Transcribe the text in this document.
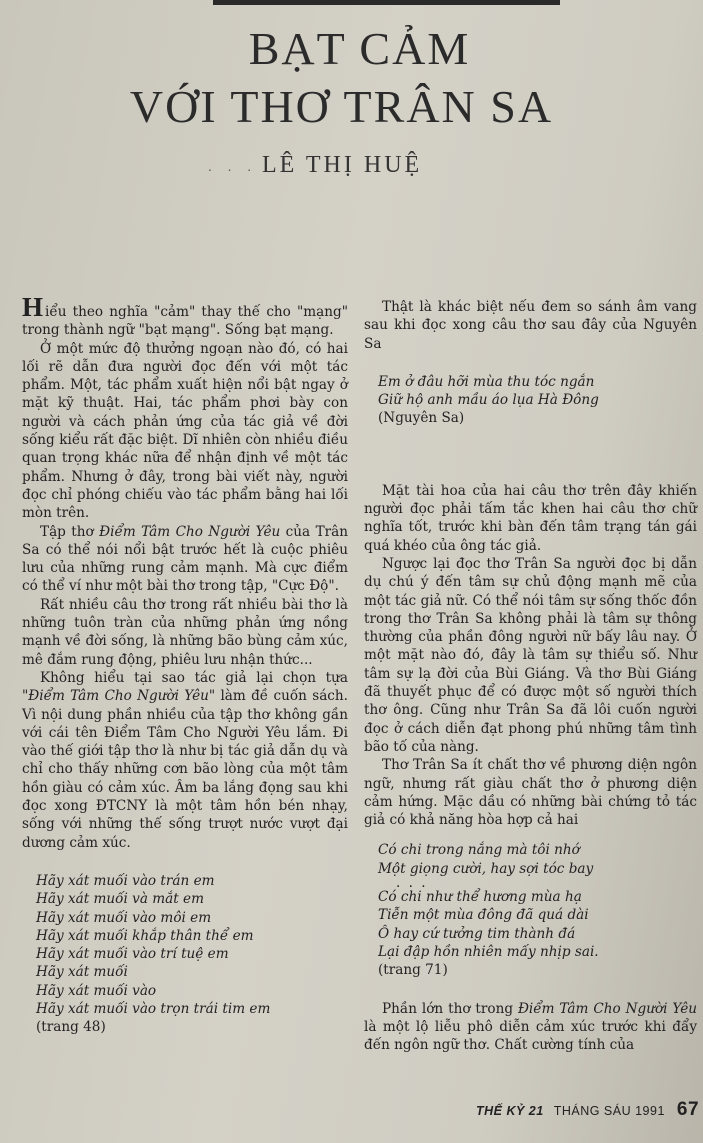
BẠT CẢM
VỚI THƠ TRÂN SA
. . . LÊ THỊ HUỆ

Hiểu theo nghĩa "cảm" thay thế cho "mạng" trong thành ngữ "bạt mạng". Sống bạt mạng.

Ở một mức độ thưởng ngoạn nào đó, có hai lối rẽ dẫn đưa người đọc đến với một tác phẩm. Một, tác phẩm xuất hiện nổi bật ngay ở mặt kỹ thuật. Hai, tác phẩm phơi bày con người và cách phản ứng của tác giả về đời sống kiểu rất đặc biệt. Dĩ nhiên còn nhiều điều quan trọng khác nữa để nhận định về một tác phẩm. Nhưng ở đây, trong bài viết này, người đọc chỉ phóng chiếu vào tác phẩm bằng hai lối mòn trên.

Tập thơ Điểm Tâm Cho Người Yêu của Trân Sa có thể nói nổi bật trước hết là cuộc phiêu lưu của những rung cảm mạnh. Mà cực điểm có thể ví như một bài thơ trong tập, "Cực Độ".

Rất nhiều câu thơ trong rất nhiều bài thơ là những tuôn tràn của những phản ứng nồng mạnh về đời sống, là những bão bùng cảm xúc, mê đắm rung động, phiêu lưu nhận thức...

Không hiểu tại sao tác giả lại chọn tựa "Điểm Tâm Cho Người Yêu" làm đề cuốn sách. Vì nội dung phần nhiều của tập thơ không gần với cái tên Điểm Tâm Cho Người Yêu lắm. Đi vào thế giới tập thơ là như bị tác giả dẫn dụ và chỉ cho thấy những cơn bão lòng của một tâm hồn giàu có cảm xúc. Âm ba lắng đọng sau khi đọc xong ĐTCNY là một tâm hồn bén nhạy, sống với những thế sống trượt nước vượt đại dương cảm xúc.

Hãy xát muối vào trán em
Hãy xát muối và mắt em
Hãy xát muối vào môi em
Hãy xát muối khắp thân thể em
Hãy xát muối vào trí tuệ em
Hãy xát muối
Hãy xát muối vào
Hãy xát muối vào trọn trái tim em
(trang 48)

Thật là khác biệt nếu đem so sánh âm vang sau khi đọc xong câu thơ sau đây của Nguyên Sa

Em ở đâu hỡi mùa thu tóc ngắn
Giữ hộ anh mầu áo lụa Hà Đông
(Nguyên Sa)

Mặt tài hoa của hai câu thơ trên đây khiến người đọc phải tấm tắc khen hai câu thơ chữ nghĩa tốt, trước khi bàn đến tâm trạng tán gái quá khéo của ông tác giả.

Ngược lại đọc thơ Trân Sa người đọc bị dẫn dụ chú ý đến tâm sự chủ động mạnh mẽ của một tác giả nữ. Có thể nói tâm sự sống thốc đồn trong thơ Trân Sa không phải là tâm sự thông thường của phần đông người nữ bấy lâu nay. Ở một mặt nào đó, đây là tâm sự thiểu số. Như tâm sự lạ đời của Bùi Giáng. Và thơ Bùi Giáng đã thuyết phục để có được một số người thích thơ ông. Cũng như Trân Sa đã lôi cuốn người đọc ở cách diễn đạt phong phú những tâm tình bão tố của nàng.

Thơ Trân Sa ít chất thơ về phương diện ngôn ngữ, nhưng rất giàu chất thơ ở phương diện cảm hứng. Mặc dầu có những bài chứng tỏ tác giả có khả năng hòa hợp cả hai

Có chi trong nắng mà tôi nhớ
Một giọng cười, hay sợi tóc bay
. . .
Có chi như thể hương mùa hạ
Tiễn một mùa đông đã quá dài
Ô hay cứ tưởng tim thành đá
Lại đập hồn nhiên mấy nhịp sai.
(trang 71)

Phần lớn thơ trong Điểm Tâm Cho Người Yêu là một lộ liễu phô diễn cảm xúc trước khi đẩy đến ngôn ngữ thơ. Chất cường tính của

THẾ KỶ 21 THÁNG SÁU 1991 67
